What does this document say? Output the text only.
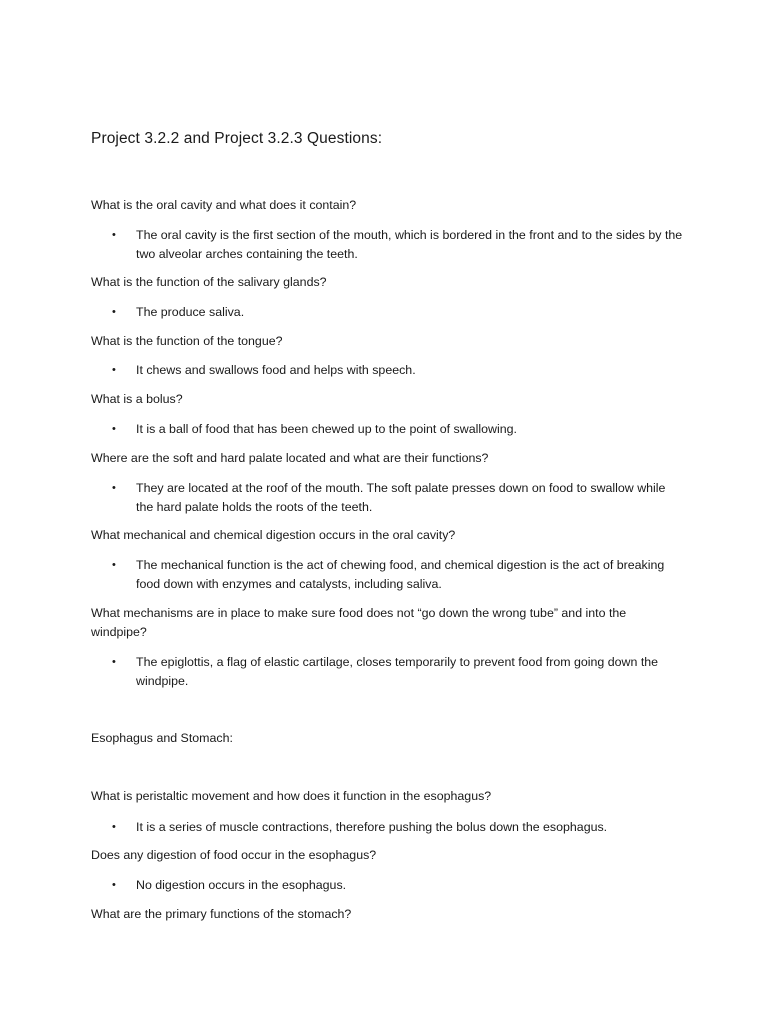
Project 3.2.2 and Project 3.2.3 Questions:

What is the oral cavity and what does it contain?

• The oral cavity is the first section of the mouth, which is bordered in the front and to the sides by the two alveolar arches containing the teeth.

What is the function of the salivary glands?

• The produce saliva.

What is the function of the tongue?

• It chews and swallows food and helps with speech.

What is a bolus?

• It is a ball of food that has been chewed up to the point of swallowing.

Where are the soft and hard palate located and what are their functions?

• They are located at the roof of the mouth. The soft palate presses down on food to swallow while the hard palate holds the roots of the teeth.

What mechanical and chemical digestion occurs in the oral cavity?

• The mechanical function is the act of chewing food, and chemical digestion is the act of breaking food down with enzymes and catalysts, including saliva.

What mechanisms are in place to make sure food does not “go down the wrong tube” and into the windpipe?

• The epiglottis, a flag of elastic cartilage, closes temporarily to prevent food from going down the windpipe.

Esophagus and Stomach:

What is peristaltic movement and how does it function in the esophagus?

• It is a series of muscle contractions, therefore pushing the bolus down the esophagus.

Does any digestion of food occur in the esophagus?

• No digestion occurs in the esophagus.

What are the primary functions of the stomach?
